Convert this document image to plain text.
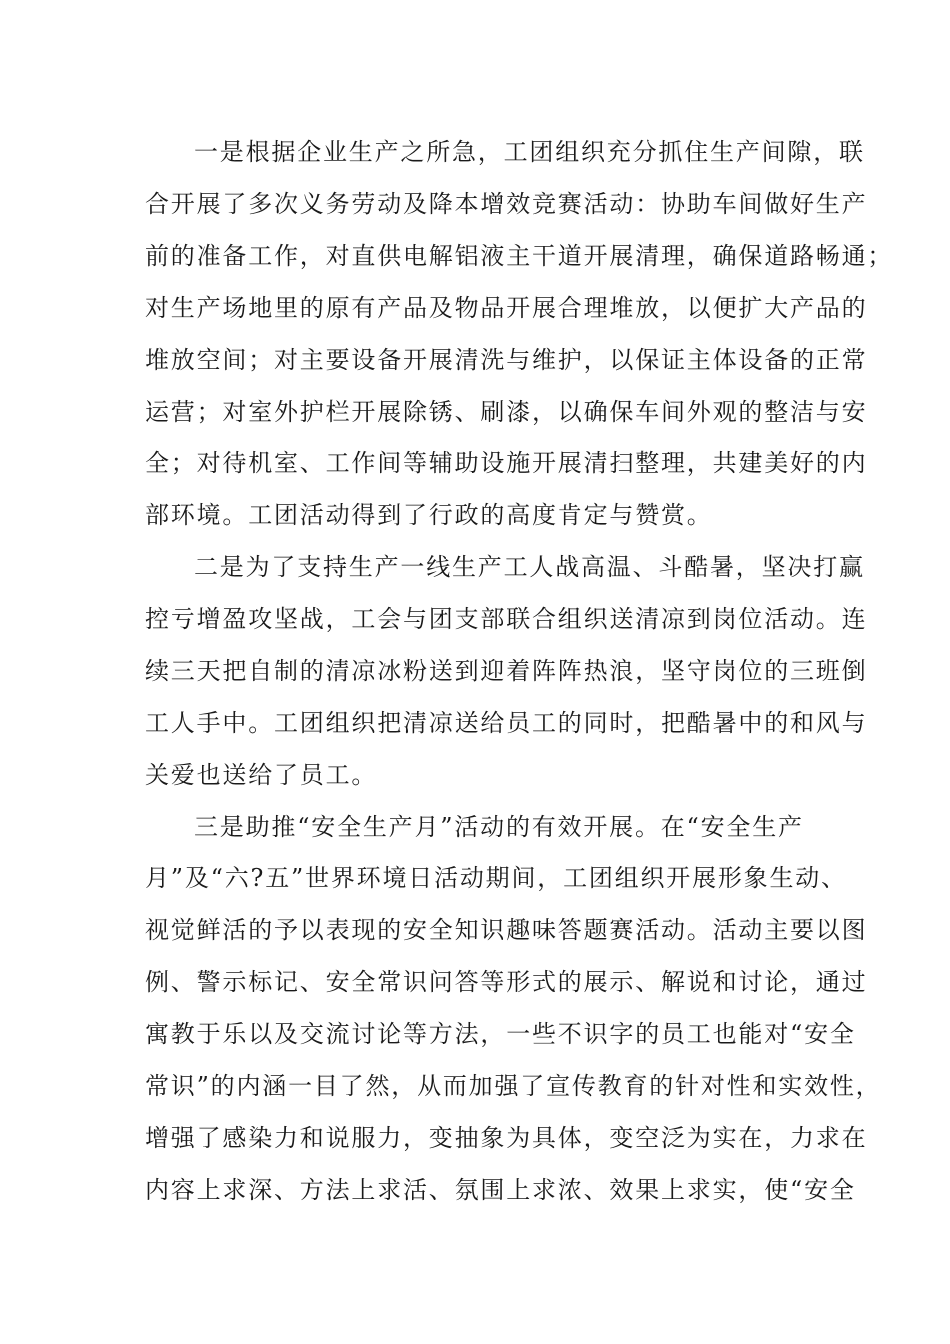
一是根据企业生产之所急，工团组织充分抓住生产间隙，联
合开展了多次义务劳动及降本增效竞赛活动：协助车间做好生产
前的准备工作，对直供电解铝液主干道开展清理，确保道路畅通；
对生产场地里的原有产品及物品开展合理堆放，以便扩大产品的
堆放空间；对主要设备开展清洗与维护，以保证主体设备的正常
运营；对室外护栏开展除锈、刷漆，以确保车间外观的整洁与安
全；对待机室、工作间等辅助设施开展清扫整理，共建美好的内
部环境。工团活动得到了行政的高度肯定与赞赏。
二是为了支持生产一线生产工人战高温、斗酷暑，坚决打赢
控亏增盈攻坚战，工会与团支部联合组织送清凉到岗位活动。连
续三天把自制的清凉冰粉送到迎着阵阵热浪，坚守岗位的三班倒
工人手中。工团组织把清凉送给员工的同时，把酷暑中的和风与
关爱也送给了员工。
三是助推“安全生产月”活动的有效开展。在“安全生产
月”及“六?五”世界环境日活动期间，工团组织开展形象生动、
视觉鲜活的予以表现的安全知识趣味答题赛活动。活动主要以图
例、警示标记、安全常识问答等形式的展示、解说和讨论，通过
寓教于乐以及交流讨论等方法，一些不识字的员工也能对“安全
常识”的内涵一目了然，从而加强了宣传教育的针对性和实效性，
增强了感染力和说服力，变抽象为具体，变空泛为实在，力求在
内容上求深、方法上求活、氛围上求浓、效果上求实，使“安全
